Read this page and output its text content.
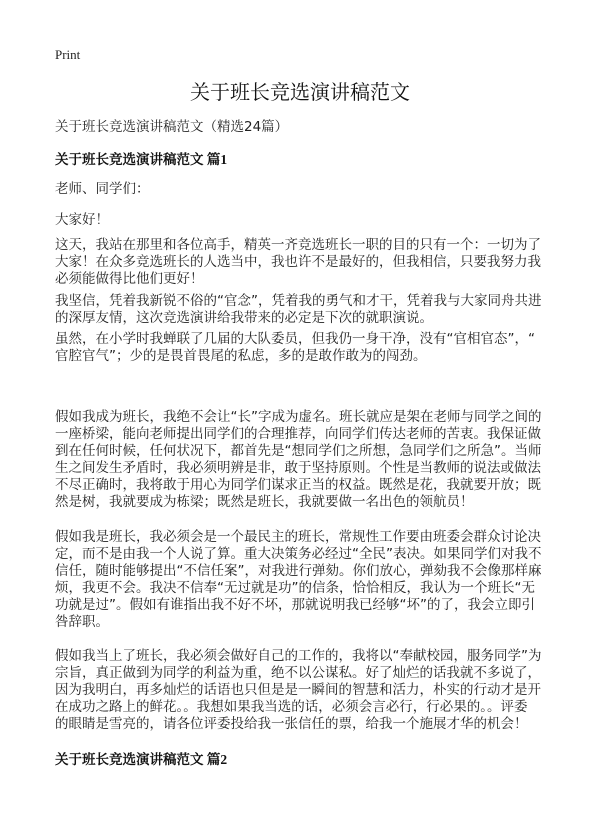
Print
关于班长竞选演讲稿范文
关于班长竞选演讲稿范文（精选24篇）
关于班长竞选演讲稿范文 篇1
老师、同学们：
大家好！
这天，我站在那里和各位高手，精英一齐竞选班长一职的目的只有一个：一切为了
大家！在众多竞选班长的人选当中，我也许不是最好的，但我相信，只要我努力我
必须能做得比他们更好！
我坚信，凭着我新锐不俗的“官念”，凭着我的勇气和才干，凭着我与大家同舟共进
的深厚友情，这次竞选演讲给我带来的必定是下次的就职演说。
虽然，在小学时我蝉联了几届的大队委员，但我仍一身干净，没有“官相官态”，“
官腔官气”；少的是畏首畏尾的私虑，多的是敢作敢为的闯劲。
假如我成为班长，我绝不会让“长”字成为虚名。班长就应是架在老师与同学之间的
一座桥梁，能向老师提出同学们的合理推荐，向同学们传达老师的苦衷。我保证做
到在任何时候，任何状况下，都首先是“想同学们之所想，急同学们之所急”。当师
生之间发生矛盾时，我必须明辨是非，敢于坚持原则。个性是当教师的说法或做法
不尽正确时，我将敢于用心为同学们谋求正当的权益。既然是花，我就要开放；既
然是树，我就要成为栋梁；既然是班长，我就要做一名出色的领航员！
假如我是班长，我必须会是一个最民主的班长，常规性工作要由班委会群众讨论决
定，而不是由我一个人说了算。重大决策务必经过“全民”表决。如果同学们对我不
信任，随时能够提出“不信任案”，对我进行弹劾。你们放心，弹劾我不会像那样麻
烦，我更不会。我决不信奉“无过就是功”的信条，恰恰相反，我认为一个班长“无
功就是过”。假如有谁指出我不好不坏，那就说明我已经够“坏”的了，我会立即引
咎辞职。
假如我当上了班长，我必须会做好自己的工作的，我将以“奉献校园，服务同学”为
宗旨，真正做到为同学的利益为重，绝不以公谋私。好了灿烂的话我就不多说了，
因为我明白，再多灿烂的话语也只但是是一瞬间的智慧和活力，朴实的行动才是开
在成功之路上的鲜花。。我想如果我当选的话，必须会言必行，行必果的。。评委
的眼睛是雪亮的，请各位评委投给我一张信任的票，给我一个施展才华的机会！
关于班长竞选演讲稿范文 篇2
